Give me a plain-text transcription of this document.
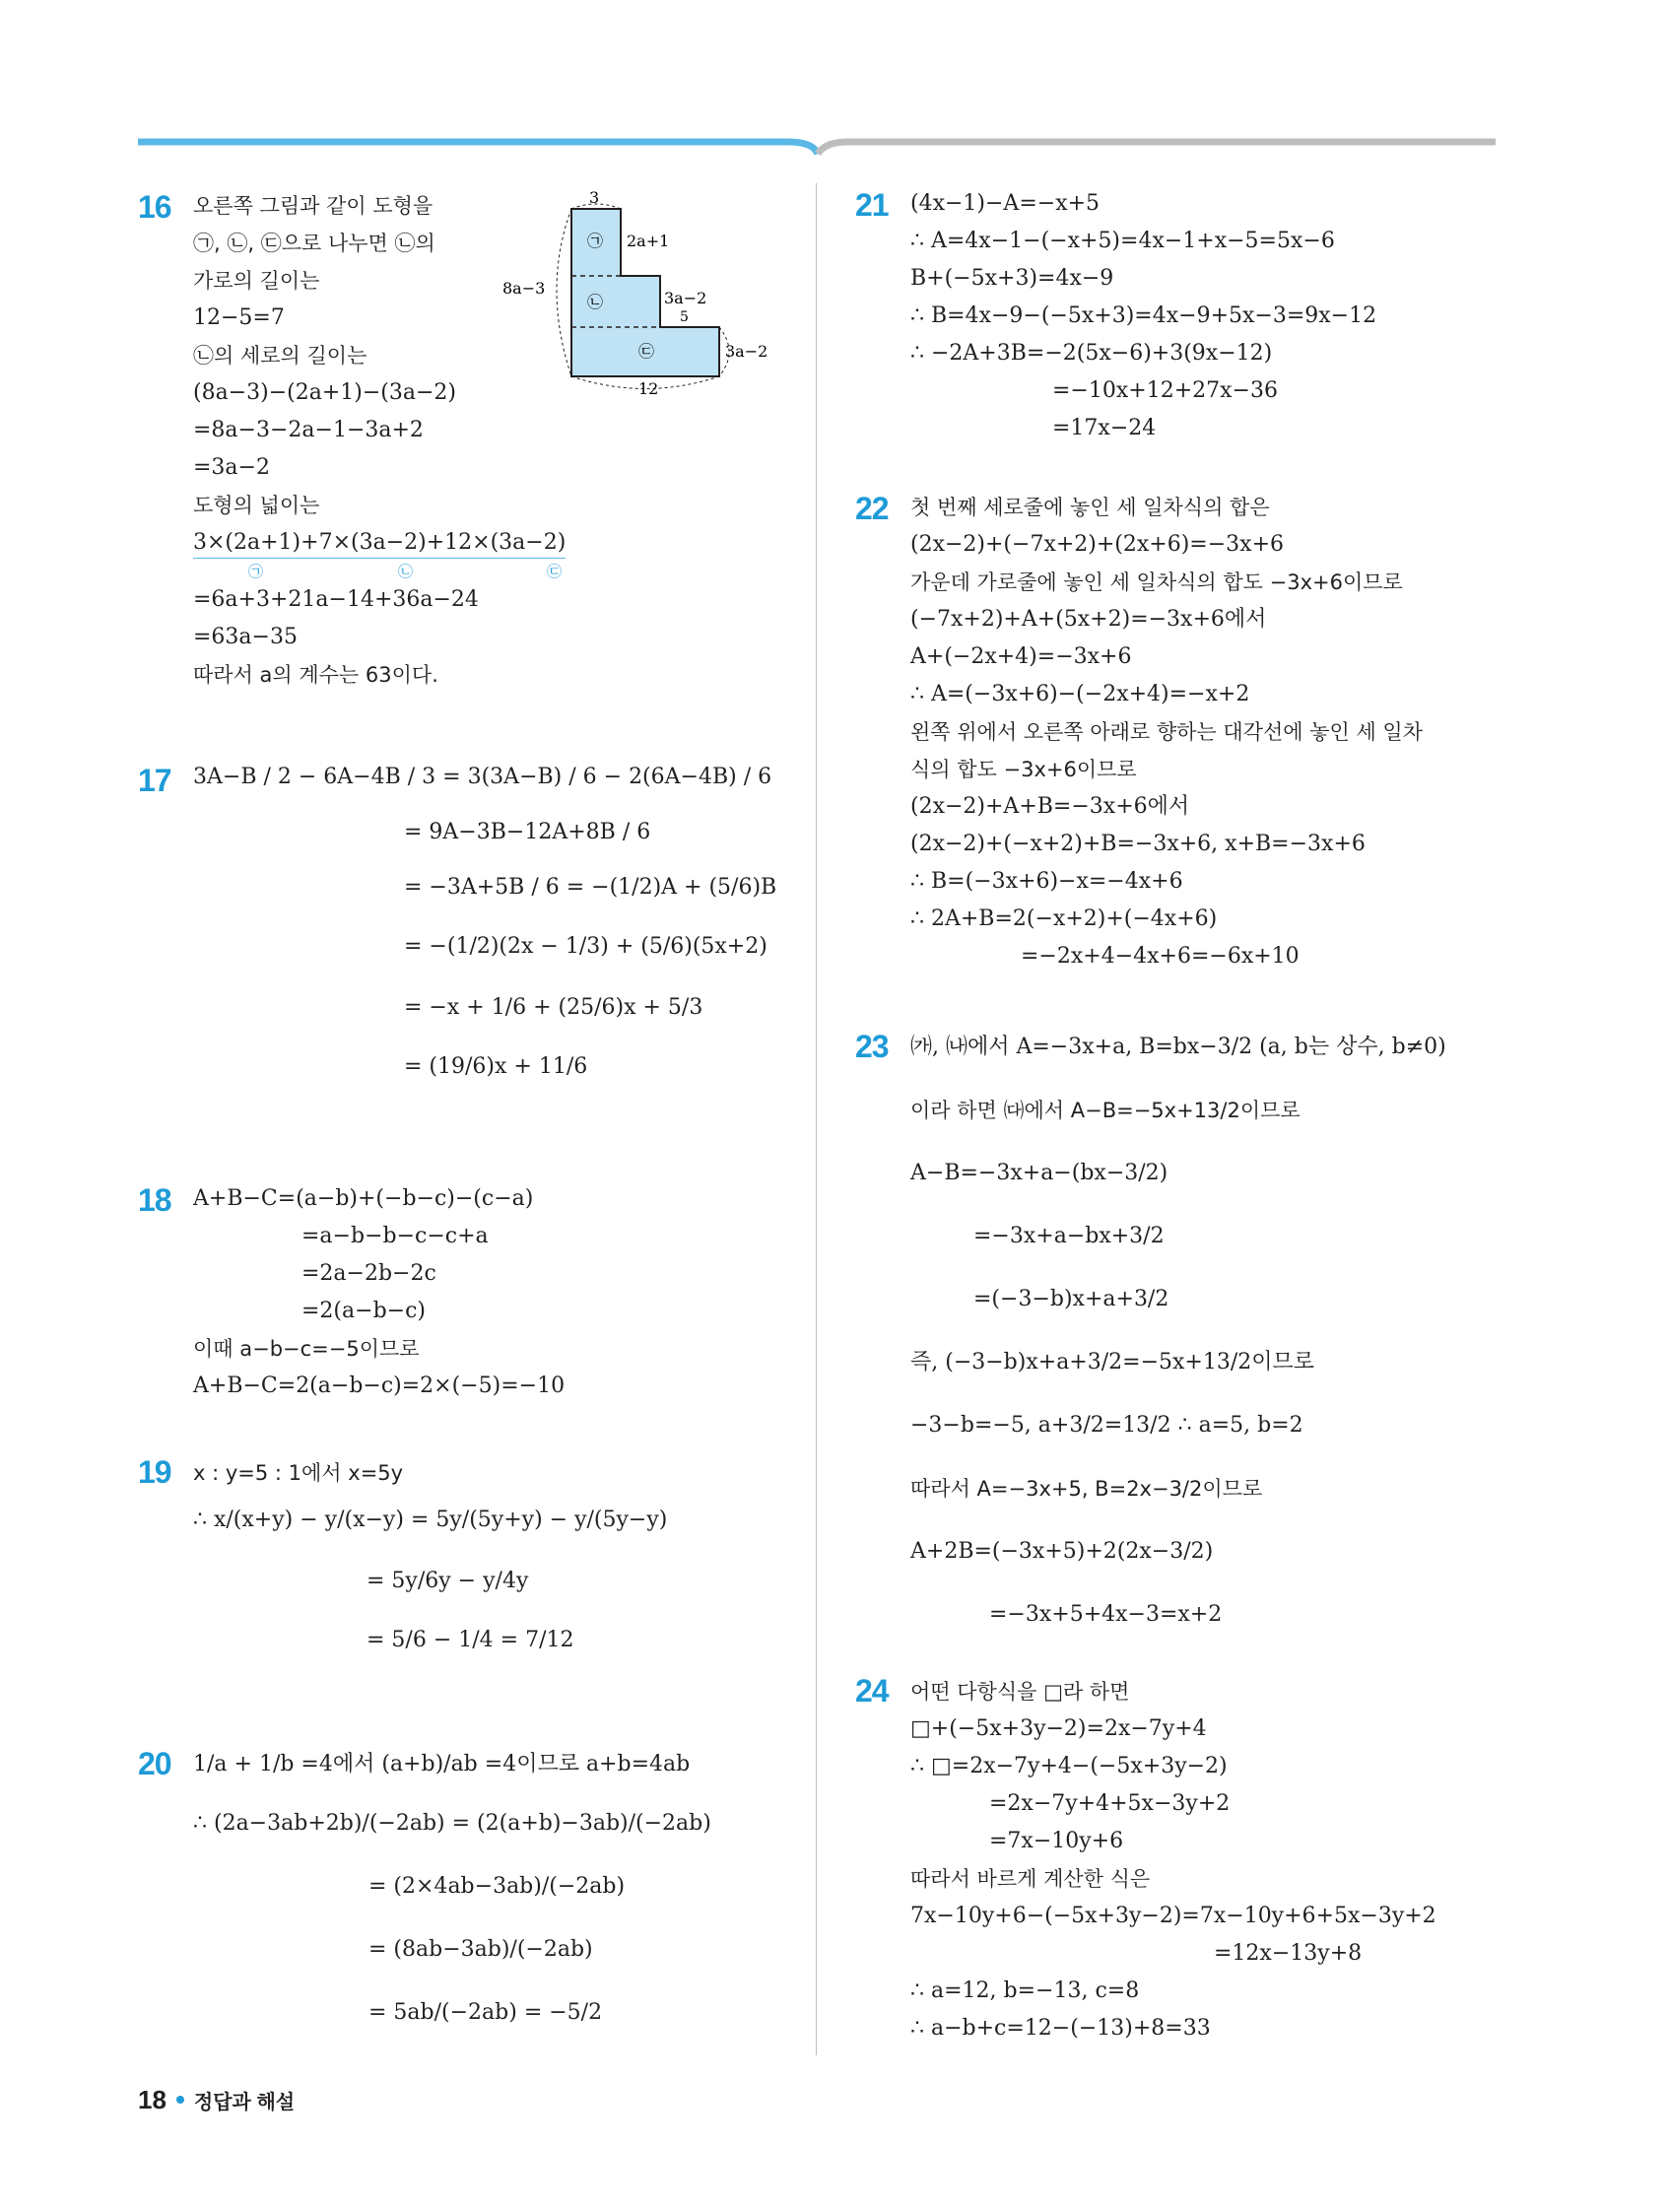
16 오른쪽 그림과 같이 도형을
㉠, ㉡, ㉢으로 나누면 ㉡의
가로의 길이는
12−5=7
㉡의 세로의 길이는
(8a−3)−(2a+1)−(3a−2)
=8a−3−2a−1−3a+2
=3a−2
도형의 넓이는
3×(2a+1)+7×(3a−2)+12×(3a−2)
㉠	㉡	㉢
=6a+3+21a−14+36a−24
=63a−35
따라서 a의 계수는 63이다.
3
8a−3
2a+1
3a−2
5
3a−2
12
㉠
㉡
㉢
17 3A−B / 2 − 6A−4B / 3 = 3(3A−B) / 6 − 2(6A−4B) / 6
= 9A−3B−12A+8B / 6
= −3A+5B / 6 = −(1/2)A + (5/6)B
= −(1/2)(2x − 1/3) + (5/6)(5x+2)
= −x + 1/6 + (25/6)x + 5/3
= (19/6)x + 11/6
18 A+B−C=(a−b)+(−b−c)−(c−a)
=a−b−b−c−c+a
=2a−2b−2c
=2(a−b−c)
이때 a−b−c=−5이므로
A+B−C=2(a−b−c)=2×(−5)=−10
19 x : y=5 : 1에서 x=5y
∴ x/(x+y) − y/(x−y) = 5y/(5y+y) − y/(5y−y)
= 5y/6y − y/4y
= 5/6 − 1/4 = 7/12
20 1/a + 1/b =4에서 (a+b)/ab =4이므로 a+b=4ab
∴ (2a−3ab+2b)/(−2ab) = (2(a+b)−3ab)/(−2ab)
= (2×4ab−3ab)/(−2ab)
= (8ab−3ab)/(−2ab)
= 5ab/(−2ab) = −5/2
21 (4x−1)−A=−x+5
∴ A=4x−1−(−x+5)=4x−1+x−5=5x−6
B+(−5x+3)=4x−9
∴ B=4x−9−(−5x+3)=4x−9+5x−3=9x−12
∴ −2A+3B=−2(5x−6)+3(9x−12)
=−10x+12+27x−36
=17x−24
22 첫 번째 세로줄에 놓인 세 일차식의 합은
(2x−2)+(−7x+2)+(2x+6)=−3x+6
가운데 가로줄에 놓인 세 일차식의 합도 −3x+6이므로
(−7x+2)+A+(5x+2)=−3x+6에서
A+(−2x+4)=−3x+6
∴ A=(−3x+6)−(−2x+4)=−x+2
왼쪽 위에서 오른쪽 아래로 향하는 대각선에 놓인 세 일차
식의 합도 −3x+6이므로
(2x−2)+A+B=−3x+6에서
(2x−2)+(−x+2)+B=−3x+6, x+B=−3x+6
∴ B=(−3x+6)−x=−4x+6
∴ 2A+B=2(−x+2)+(−4x+6)
=−2x+4−4x+6=−6x+10
23 ㈎, ㈏에서 A=−3x+a, B=bx−3/2 (a, b는 상수, b≠0)
이라 하면 ㈐에서 A−B=−5x+13/2이므로
A−B=−3x+a−(bx−3/2)
=−3x+a−bx+3/2
=(−3−b)x+a+3/2
즉, (−3−b)x+a+3/2=−5x+13/2이므로
−3−b=−5, a+3/2=13/2 ∴ a=5, b=2
따라서 A=−3x+5, B=2x−3/2이므로
A+2B=(−3x+5)+2(2x−3/2)
=−3x+5+4x−3=x+2
24 어떤 다항식을 □라 하면
□+(−5x+3y−2)=2x−7y+4
∴ □=2x−7y+4−(−5x+3y−2)
=2x−7y+4+5x−3y+2
=7x−10y+6
따라서 바르게 계산한 식은
7x−10y+6−(−5x+3y−2)=7x−10y+6+5x−3y+2
=12x−13y+8
∴ a=12, b=−13, c=8
∴ a−b+c=12−(−13)+8=33
18 정답과 해설
